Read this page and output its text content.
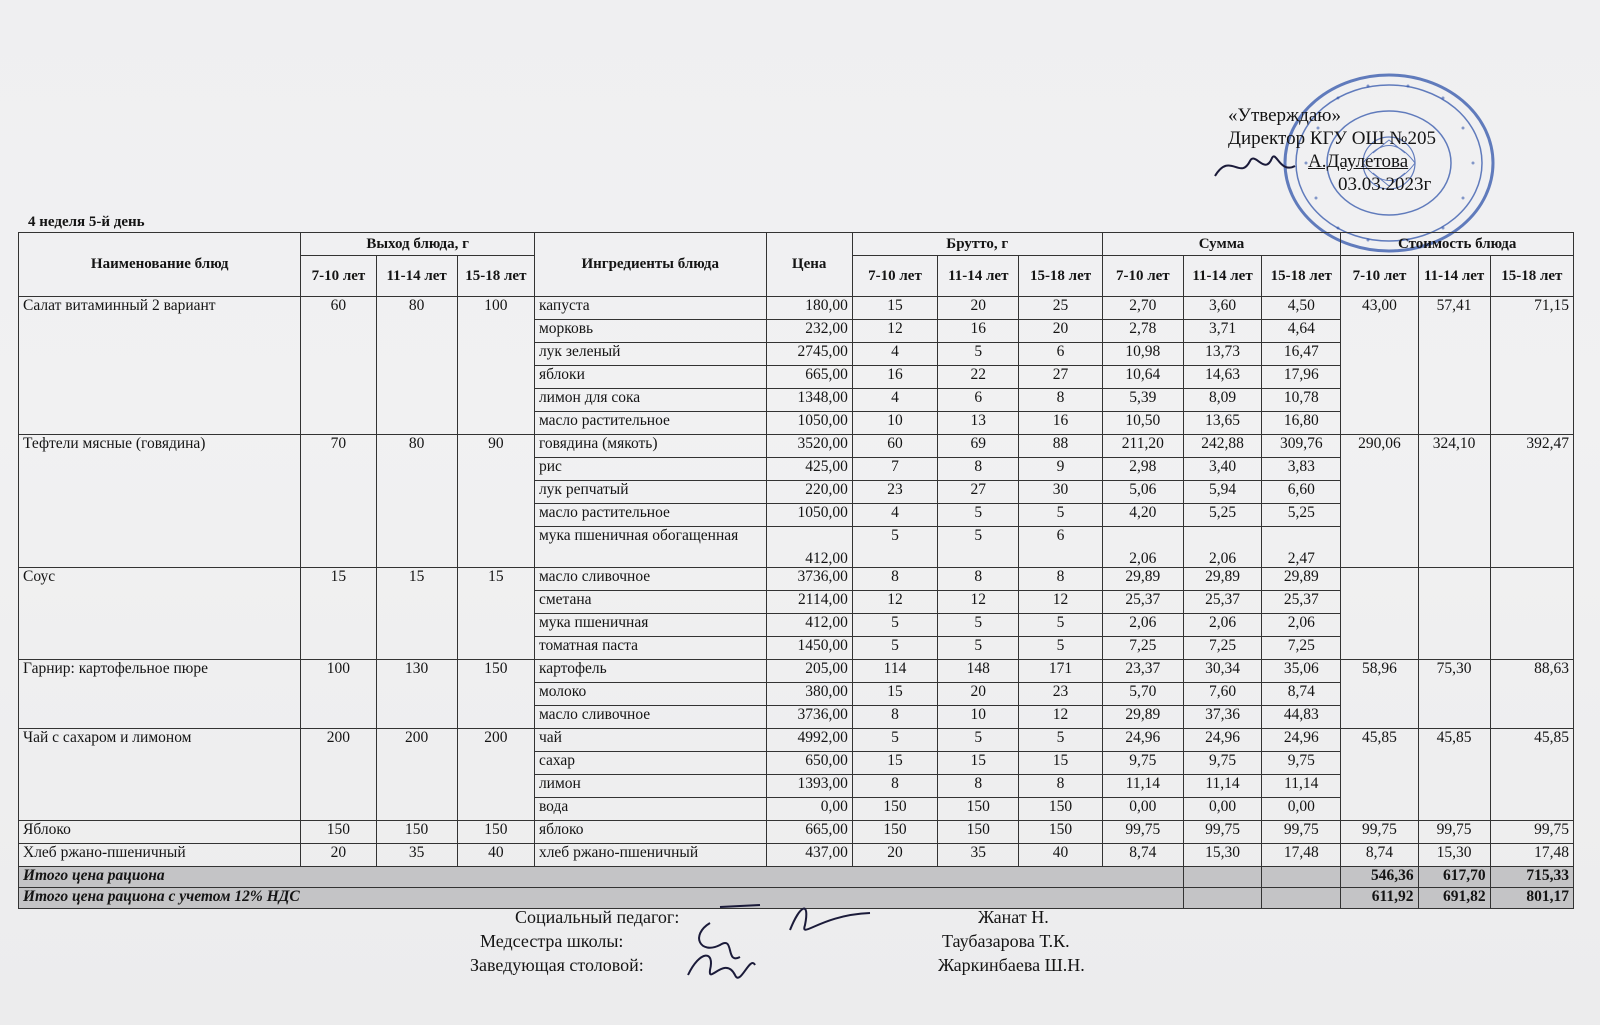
«Утверждаю»
Директор КГУ ОШ №205
А.Даулетова
03.03.2023г
4 неделя 5-й день
Наименование блюд	Выход блюда, г			Ингредиенты блюда	Цена	Брутто, г			Сумма			Стоимость блюда		
	7-10 лет	11-14 лет	15-18 лет			7-10 лет	11-14 лет	15-18 лет	7-10 лет	11-14 лет	15-18 лет	7-10 лет	11-14 лет	15-18 лет
Салат витаминный 2 вариант	60	80	100	капуста	180,00	15	20	25	2,70	3,60	4,50	43,00	57,41	71,15
				морковь	232,00	12	16	20	2,78	3,71	4,64			
				лук зеленый	2745,00	4	5	6	10,98	13,73	16,47			
				яблоки	665,00	16	22	27	10,64	14,63	17,96			
				лимон для сока	1348,00	4	6	8	5,39	8,09	10,78			
				масло растительное	1050,00	10	13	16	10,50	13,65	16,80			
Тефтели мясные (говядина)	70	80	90	говядина (мякоть)	3520,00	60	69	88	211,20	242,88	309,76	290,06	324,10	392,47
				рис	425,00	7	8	9	2,98	3,40	3,83			
				лук репчатый	220,00	23	27	30	5,06	5,94	6,60			
				масло растительное	1050,00	4	5	5	4,20	5,25	5,25			
				мука пшеничная обогащенная	412,00	5	5	6	2,06	2,06	2,47			
Соус	15	15	15	масло сливочное	3736,00	8	8	8	29,89	29,89	29,89			
				сметана	2114,00	12	12	12	25,37	25,37	25,37			
				мука пшеничная	412,00	5	5	5	2,06	2,06	2,06			
				томатная паста	1450,00	5	5	5	7,25	7,25	7,25			
Гарнир: картофельное пюре	100	130	150	картофель	205,00	114	148	171	23,37	30,34	35,06	58,96	75,30	88,63
				молоко	380,00	15	20	23	5,70	7,60	8,74			
				масло сливочное	3736,00	8	10	12	29,89	37,36	44,83			
Чай с сахаром и лимоном	200	200	200	чай	4992,00	5	5	5	24,96	24,96	24,96	45,85	45,85	45,85
				сахар	650,00	15	15	15	9,75	9,75	9,75			
				лимон	1393,00	8	8	8	11,14	11,14	11,14			
				вода	0,00	150	150	150	0,00	0,00	0,00			
Яблоко	150	150	150	яблоко	665,00	150	150	150	99,75	99,75	99,75	99,75	99,75	99,75
Хлеб ржано-пшеничный	20	35	40	хлеб ржано-пшеничный	437,00	20	35	40	8,74	15,30	17,48	8,74	15,30	17,48
Итого цена рациона												546,36	617,70	715,33
Итого цена рациона с учетом 12% НДС												611,92	691,82	801,17
Социальный педагог:	Жанат Н.
Медсестра школы:	Таубазарова Т.К.
Заведующая столовой:	Жаркинбаева Ш.Н.
